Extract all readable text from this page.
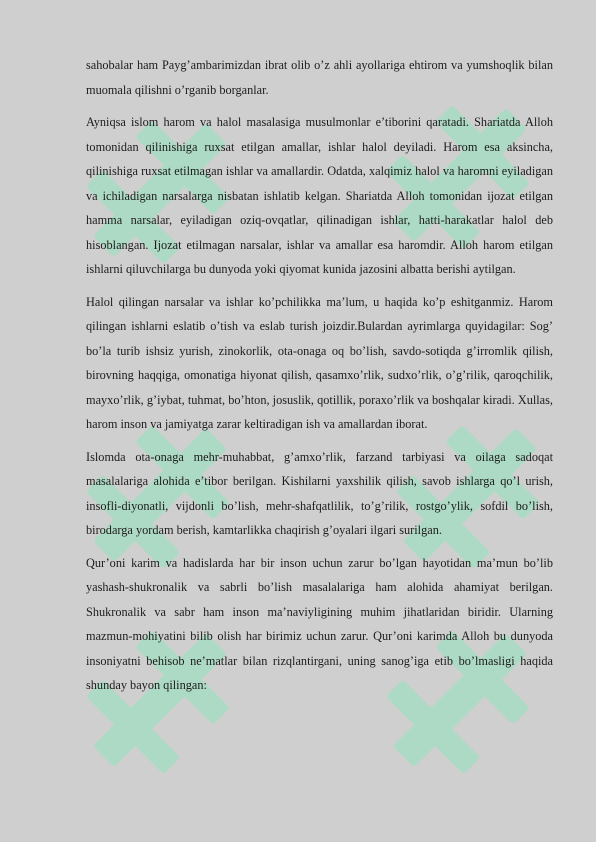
sahobalar ham Payg’ambarimizdan ibrat olib o’z ahli ayollariga ehtirom va yumshoqlik bilan muomala qilishni o’rganib borganlar.

Ayniqsa islom harom va halol masalasiga musulmonlar e’tiborini qaratadi. Shariatda Alloh tomonidan qilinishiga ruxsat etilgan amallar, ishlar halol deyiladi. Harom esa aksincha, qilinishiga ruxsat etilmagan ishlar va amallardir. Odatda, xalqimiz halol va haromni eyiladigan va ichiladigan narsalarga nisbatan ishlatib kelgan. Shariatda Alloh tomonidan ijozat etilgan hamma narsalar, eyiladigan oziq-ovqatlar, qilinadigan ishlar, hatti-harakatlar halol deb hisoblangan. Ijozat etilmagan narsalar, ishlar va amallar esa haromdir. Alloh harom etilgan ishlarni qiluvchilarga bu dunyoda yoki qiyomat kunida jazosini albatta berishi aytilgan.

Halol qilingan narsalar va ishlar ko’pchilikka ma’lum, u haqida ko’p eshitganmiz. Harom qilingan ishlarni eslatib o’tish va eslab turish joizdir.Bulardan ayrimlarga quyidagilar: Sog’ bo’la turib ishsiz yurish, zinokorlik, ota-onaga oq bo’lish, savdo-sotiqda g’irromlik qilish, birovning haqqiga, omonatiga hiyonat qilish, qasamxo’rlik, sudxo’rlik, o’g’rilik, qaroqchilik, mayxo’rlik, g’iybat, tuhmat, bo’hton, josuslik, qotillik, poraxo’rlik va boshqalar kiradi. Xullas, harom inson va jamiyatga zarar keltiradigan ish va amallardan iborat.

Islomda ota-onaga mehr-muhabbat, g’amxo’rlik, farzand tarbiyasi va oilaga sadoqat masalalariga alohida e’tibor berilgan. Kishilarni yaxshilik qilish, savob ishlarga qo’l urish, insofli-diyonatli, vijdonli bo’lish, mehr-shafqatlilik, to’g’rilik, rostgo’ylik, sofdil bo’lish, birodarga yordam berish, kamtarlikka chaqirish g’oyalari ilgari surilgan.

Qur’oni karim va hadislarda har bir inson uchun zarur bo’lgan hayotidan ma’mun bo’lib yashash-shukronalik va sabrli bo’lish masalalariga ham alohida ahamiyat berilgan. Shukronalik va sabr ham inson ma’naviyligining muhim jihatlaridan biridir. Ularning mazmun-mohiyatini bilib olish har birimiz uchun zarur. Qur’oni karimda Alloh bu dunyoda insoniyatni behisob ne’matlar bilan rizqlantirgani, uning sanog’iga etib bo’lmasligi haqida shunday bayon qilingan:
